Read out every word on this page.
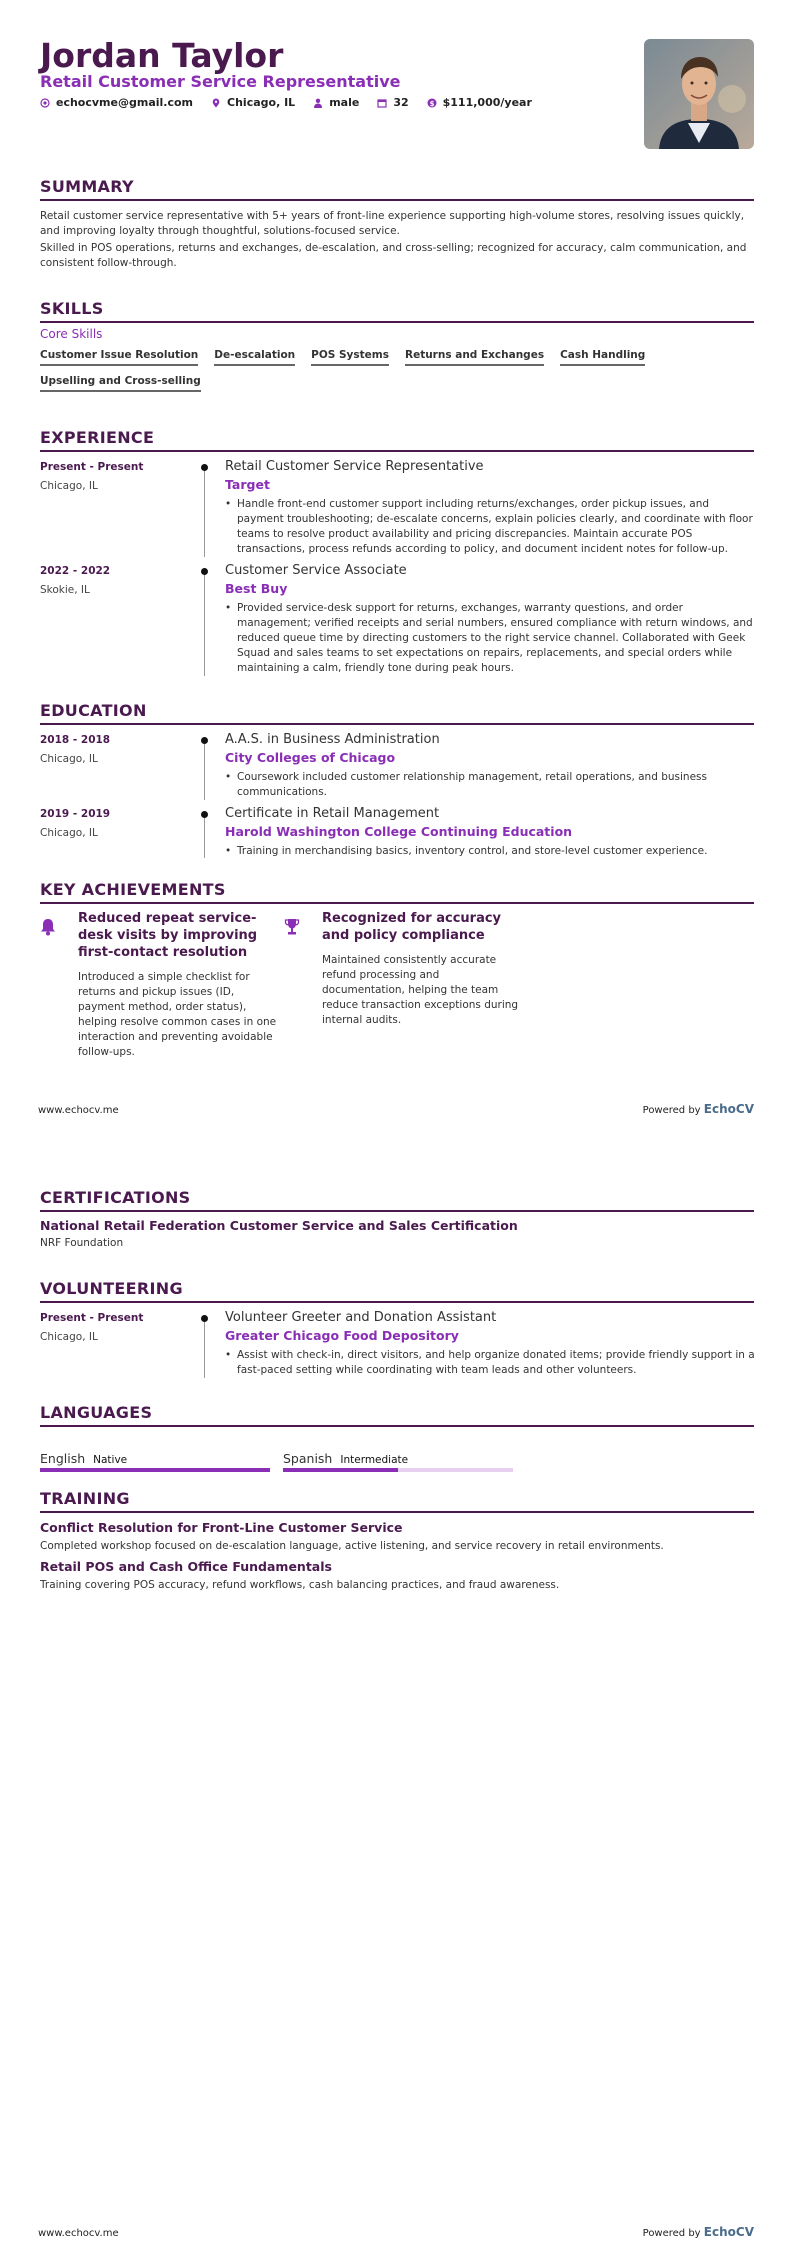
Jordan Taylor
Retail Customer Service Representative
echocvme@gmail.com	Chicago, IL	male	32	$ $111,000/year
SUMMARY
Retail customer service representative with 5+ years of front-line experience supporting high-volume stores, resolving issues quickly, and improving loyalty through thoughtful, solutions-focused service.
Skilled in POS operations, returns and exchanges, de-escalation, and cross-selling; recognized for accuracy, calm communication, and consistent follow-through.
SKILLS
Core Skills
Customer Issue Resolution De-escalation POS Systems Returns and Exchanges Cash Handling
Upselling and Cross-selling
EXPERIENCE
Present - Present
Chicago, IL
Retail Customer Service Representative
Target
• Handle front-end customer support including returns/exchanges, order pickup issues, and payment troubleshooting; de-escalate concerns, explain policies clearly, and coordinate with floor teams to resolve product availability and pricing discrepancies. Maintain accurate POS transactions, process refunds according to policy, and document incident notes for follow-up.
2022 - 2022
Skokie, IL
Customer Service Associate
Best Buy
• Provided service-desk support for returns, exchanges, warranty questions, and order management; verified receipts and serial numbers, ensured compliance with return windows, and reduced queue time by directing customers to the right service channel. Collaborated with Geek Squad and sales teams to set expectations on repairs, replacements, and special orders while maintaining a calm, friendly tone during peak hours.
EDUCATION
2018 - 2018
Chicago, IL
A.A.S. in Business Administration
City Colleges of Chicago
• Coursework included customer relationship management, retail operations, and business communications.
2019 - 2019
Chicago, IL
Certificate in Retail Management
Harold Washington College Continuing Education
• Training in merchandising basics, inventory control, and store-level customer experience.
KEY ACHIEVEMENTS
Reduced repeat service-desk visits by improving first-contact resolution
Introduced a simple checklist for returns and pickup issues (ID, payment method, order status), helping resolve common cases in one interaction and preventing avoidable follow-ups.
Recognized for accuracy and policy compliance
Maintained consistently accurate refund processing and documentation, helping the team reduce transaction exceptions during internal audits.
www.echocv.me	Powered by EchoCV
CERTIFICATIONS
National Retail Federation Customer Service and Sales Certification
NRF Foundation
VOLUNTEERING
Present - Present
Chicago, IL
Volunteer Greeter and Donation Assistant
Greater Chicago Food Depository
• Assist with check-in, direct visitors, and help organize donated items; provide friendly support in a fast-paced setting while coordinating with team leads and other volunteers.
LANGUAGES
English Native	Spanish Intermediate
TRAINING
Conflict Resolution for Front-Line Customer Service
Completed workshop focused on de-escalation language, active listening, and service recovery in retail environments.
Retail POS and Cash Office Fundamentals
Training covering POS accuracy, refund workflows, cash balancing practices, and fraud awareness.
www.echocv.me	Powered by EchoCV
